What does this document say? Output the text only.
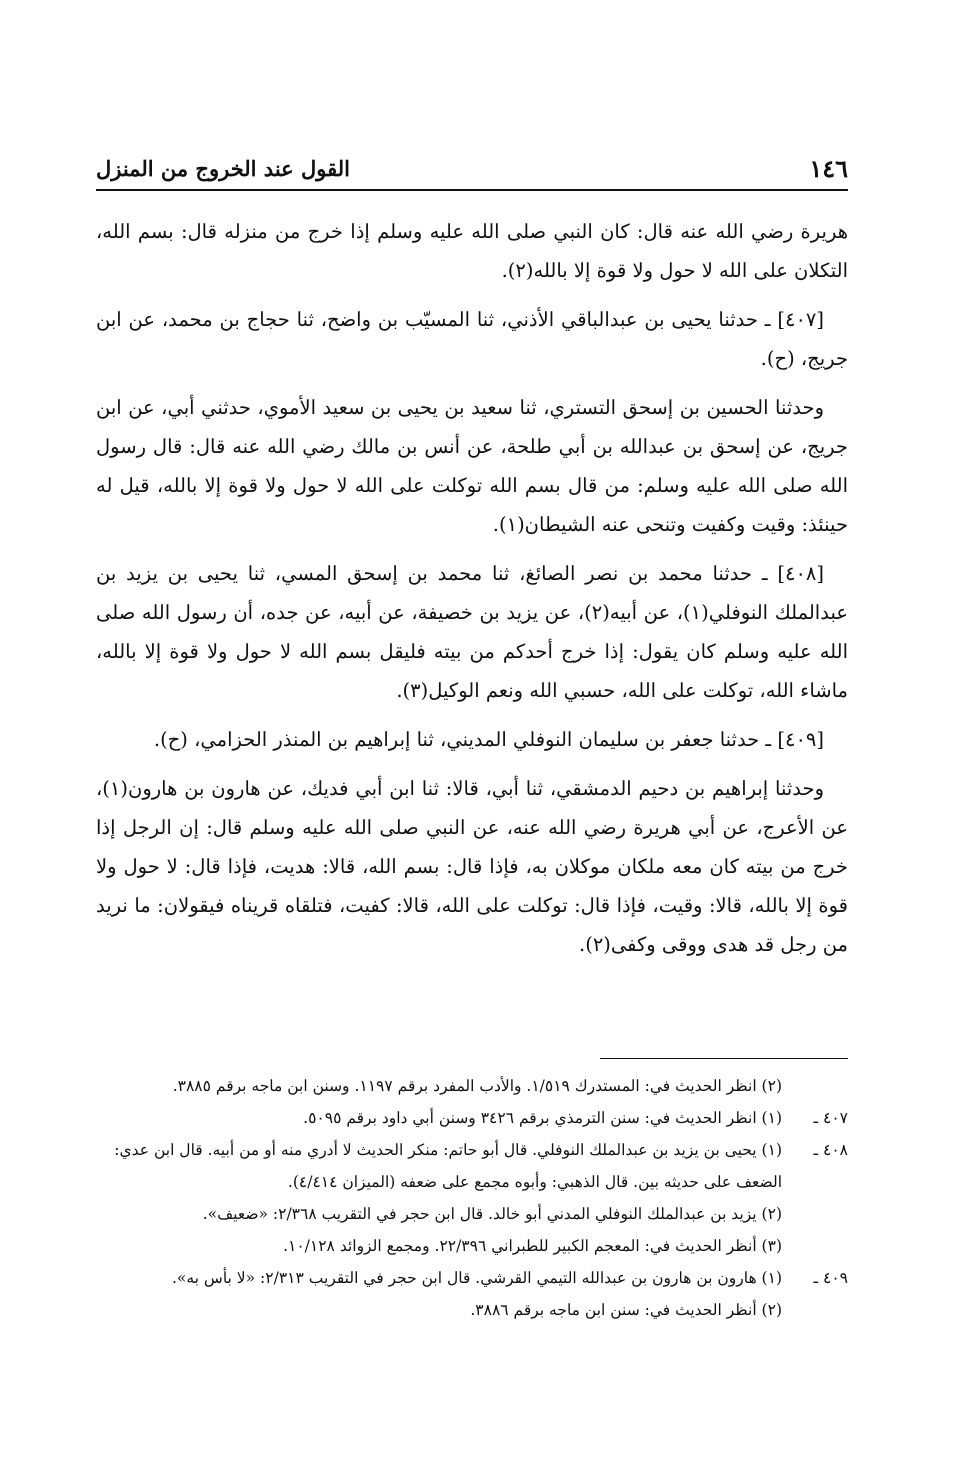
١٤٦
القول عند الخروج من المنزل

هريرة رضي الله عنه قال: كان النبي صلى الله عليه وسلم إذا خرج من منزله قال: بسم الله، التكلان على الله لا حول ولا قوة إلا بالله(٢).

[٤٠٧] ـ حدثنا يحيى بن عبدالباقي الأذني، ثنا المسيّب بن واضح، ثنا حجاج بن محمد، عن ابن جريج، (ح).

وحدثنا الحسين بن إسحق التستري، ثنا سعيد بن يحيى بن سعيد الأموي، حدثني أبي، عن ابن جريج، عن إسحق بن عبدالله بن أبي طلحة، عن أنس بن مالك رضي الله عنه قال: قال رسول الله صلى الله عليه وسلم: من قال بسم الله توكلت على الله لا حول ولا قوة إلا بالله، قيل له حينئذ: وقيت وكفيت وتنحى عنه الشيطان(١).

[٤٠٨] ـ حدثنا محمد بن نصر الصائغ، ثنا محمد بن إسحق المسي، ثنا يحيى بن يزيد بن عبدالملك النوفلي(١)، عن أبيه(٢)، عن يزيد بن خصيفة، عن أبيه، عن جده، أن رسول الله صلى الله عليه وسلم كان يقول: إذا خرج أحدكم من بيته فليقل بسم الله لا حول ولا قوة إلا بالله، ماشاء الله، توكلت على الله، حسبي الله ونعم الوكيل(٣).

[٤٠٩] ـ حدثنا جعفر بن سليمان النوفلي المديني، ثنا إبراهيم بن المنذر الحزامي، (ح).

وحدثنا إبراهيم بن دحيم الدمشقي، ثنا أبي، قالا: ثنا ابن أبي فديك، عن هارون بن هارون(١)، عن الأعرج، عن أبي هريرة رضي الله عنه، عن النبي صلى الله عليه وسلم قال: إن الرجل إذا خرج من بيته كان معه ملكان موكلان به، فإذا قال: بسم الله، قالا: هديت، فإذا قال: لا حول ولا قوة إلا بالله، قالا: وقيت، فإذا قال: توكلت على الله، قالا: كفيت، فتلقاه قريناه فيقولان: ما نريد من رجل قد هدى ووقى وكفى(٢).

(٢) انظر الحديث في: المستدرك ١/٥١٩. والأدب المفرد برقم ١١٩٧. وسنن ابن ماجه برقم ٣٨٨٥.
٤٠٧ ـ
(١) انظر الحديث في: سنن الترمذي برقم ٣٤٢٦ وسنن أبي داود برقم ٥٠٩٥.
٤٠٨ ـ
(١) يحيى بن يزيد بن عبدالملك النوفلي. قال أبو حاتم: منكر الحديث لا أدري منه أو من أبيه. قال ابن عدي: الضعف على حديثه بين. قال الذهبي: وأبوه مجمع على ضعفه (الميزان ٤/٤١٤).
(٢) يزيد بن عبدالملك النوفلي المدني أبو خالد. قال ابن حجر في التقريب ٢/٣٦٨: «ضعيف».
(٣) أنظر الحديث في: المعجم الكبير للطبراني ٢٢/٣٩٦. ومجمع الزوائد ١٠/١٢٨.
٤٠٩ ـ
(١) هارون بن هارون بن عبدالله التيمي القرشي. قال ابن حجر في التقريب ٢/٣١٣: «لا بأس به».
(٢) أنظر الحديث في: سنن ابن ماجه برقم ٣٨٨٦.
